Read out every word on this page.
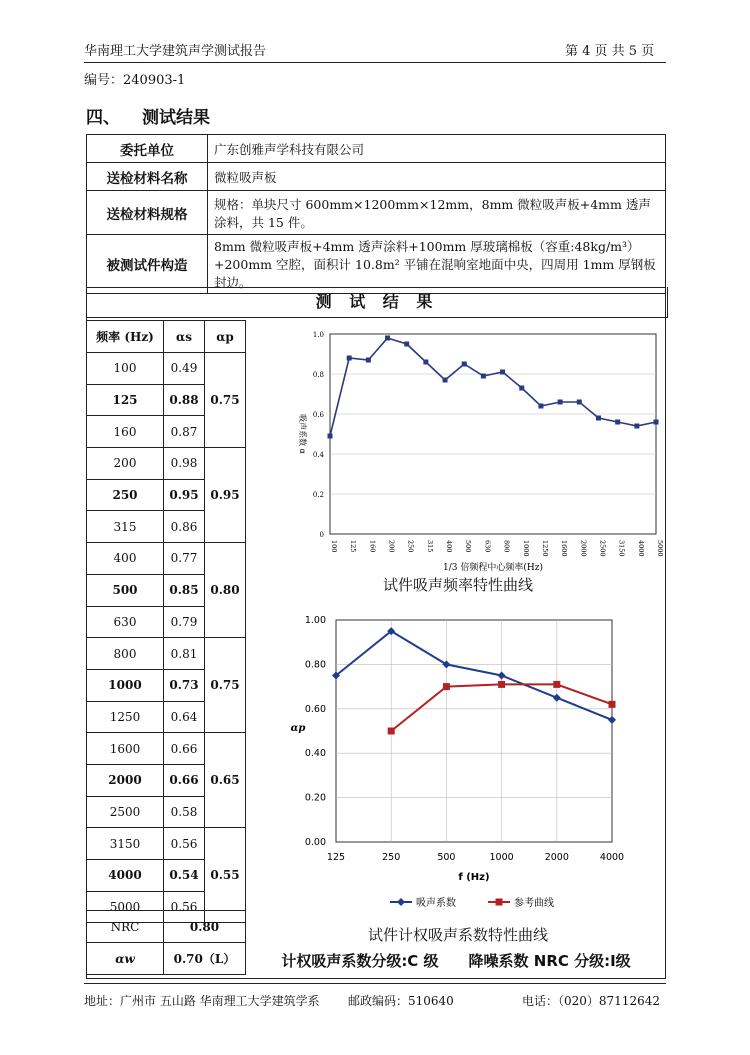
华南理工大学建筑声学测试报告	第 4 页 共 5 页
编号：240903-1
四、 测试结果
委托单位	广东创雅声学科技有限公司
送检材料名称	微粒吸声板
送检材料规格	规格：单块尺寸 600mm×1200mm×12mm，8mm 微粒吸声板+4mm 透声涂料，共 15 件。
被测试件构造	8mm 微粒吸声板+4mm 透声涂料+100mm 厚玻璃棉板（容重:48kg/m³）+200mm 空腔，面积计 10.8m² 平铺在混响室地面中央，四周用 1mm 厚钢板封边。
测 试 结 果
频率 (Hz)	αs	αp
100	0.49	0.75
125	0.88	
160	0.87	
200	0.98	0.95
250	0.95	
315	0.86	
400	0.77	0.80
500	0.85	
630	0.79	
800	0.81	0.75
1000	0.73	
1250	0.64	
1600	0.66	0.65
2000	0.66	
2500	0.58	
3150	0.56	0.55
4000	0.54	
5000	0.56	
NRC	0.80
αw	0.70（L）
0
0.2
0.4
0.6
0.8
1.0
100 125 160 200 250 315 400 500 630 800 1000 1250 1600 2000 2500 3150 4000 5000
吸声系数 α
1/3 倍频程中心频率(Hz)
试件吸声频率特性曲线
125	250	500	1000	2000	4000
0.00
0.20
0.40
0.60
0.80
1.00
αp
f (Hz)
吸声系数	参考曲线
试件计权吸声系数特性曲线
计权吸声系数分级:C 级　　降噪系数 NRC 分级:Ⅰ级
地址：广州市 五山路 华南理工大学建筑学系 邮政编码：510640	电话：（020）87112642
